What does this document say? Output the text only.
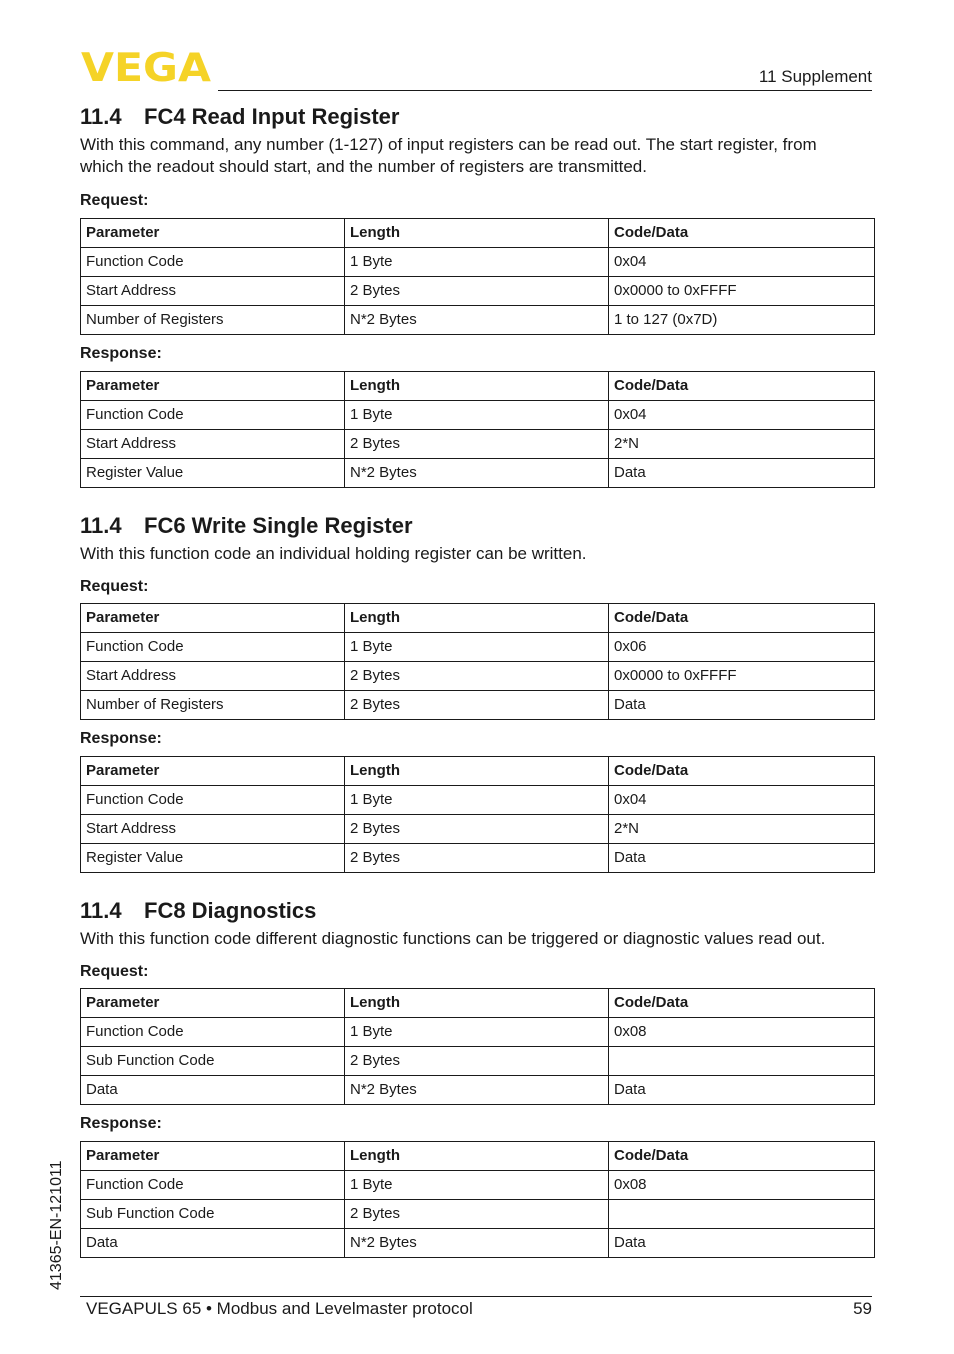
VEGA	11 Supplement
11.4 FC4 Read Input Register

With this command, any number (1-127) of input registers can be read out. The start register, from
which the readout should start, and the number of registers are transmitted.

Request:
Parameter	Length	Code/Data
Function Code	1 Byte	0x04
Start Address	2 Bytes	0x0000 to 0xFFFF
Number of Registers	N*2 Bytes	1 to 127 (0x7D)
Response:
Parameter	Length	Code/Data
Function Code	1 Byte	0x04
Start Address	2 Bytes	2*N
Register Value	N*2 Bytes	Data
11.4 FC6 Write Single Register

With this function code an individual holding register can be written.

Request:
Parameter	Length	Code/Data
Function Code	1 Byte	0x06
Start Address	2 Bytes	0x0000 to 0xFFFF
Number of Registers	2 Bytes	Data
Response:
Parameter	Length	Code/Data
Function Code	1 Byte	0x04
Start Address	2 Bytes	2*N
Register Value	2 Bytes	Data
11.4 FC8 Diagnostics

With this function code different diagnostic functions can be triggered or diagnostic values read out.

Request:
Parameter	Length	Code/Data
Function Code	1 Byte	0x08
Sub Function Code	2 Bytes	
Data	N*2 Bytes	Data
Response:
Parameter	Length	Code/Data
Function Code	1 Byte	0x08
Sub Function Code	2 Bytes	
Data	N*2 Bytes	Data
41365-EN-121011
VEGAPULS 65 • Modbus and Levelmaster protocol	59
